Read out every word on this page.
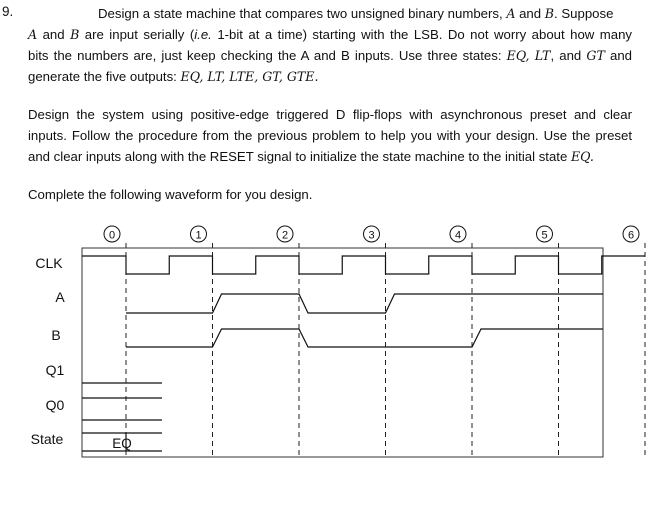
9.	Design a state machine that compares two unsigned binary numbers, A and B. Suppose
A and B are input serially (i.e. 1-bit at a time) starting with the LSB. Do not worry about how many
bits the numbers are, just keep checking the A and B inputs. Use three states: EQ, LT, and GT and
generate the five outputs: EQ, LT, LTE, GT, GTE.
Design the system using positive-edge triggered D flip-flops with asynchronous preset and clear
inputs. Follow the procedure from the previous problem to help you with your design. Use the preset
and clear inputs along with the RESET signal to initialize the state machine to the initial state EQ.
Complete the following waveform for you design.
0	1	2	3	4	5	6
CLK
A
B
Q1
Q0
State	EQ
